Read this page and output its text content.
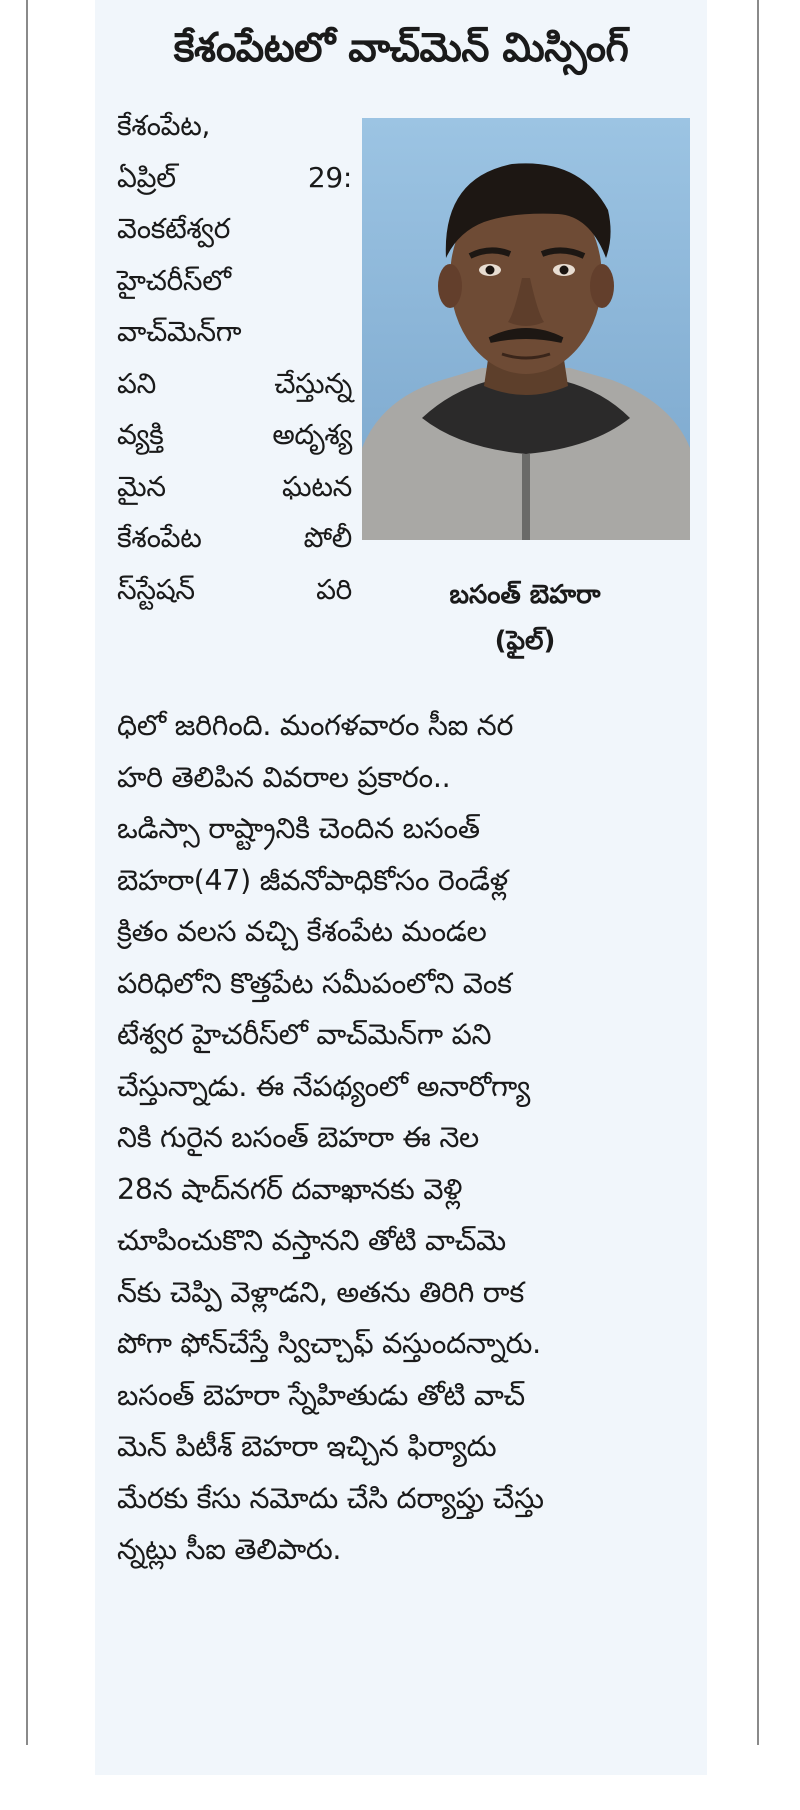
కేశంపేటలో వాచ్‌మెన్‌ మిస్సింగ్‌
కేశంపేట,
ఏప్రిల్‌	29:
వెంకటేశ్వర
హైచరీస్‌లో
వాచ్‌మెన్‌గా
పని	చేస్తున్న
వ్యక్తి	అదృశ్య
మైన	ఘటన
కేశంపేట	పోలీ
స్‌స్టేషన్‌	పరి	బసంత్‌ బెహరా
(ఫైల్‌)
ధిలో జరిగింది. మంగళవారం సీఐ నర
హరి తెలిపిన వివరాల ప్రకారం..
ఒడిస్సా రాష్ట్రానికి చెందిన బసంత్‌
బెహరా(47) జీవనోపాధికోసం రెండేళ్ల
క్రితం వలస వచ్చి కేశంపేట మండల
పరిధిలోని కొత్తపేట సమీపంలోని వెంక
టేశ్వర హైచరీస్‌లో వాచ్‌మెన్‌గా పని
చేస్తున్నాడు. ఈ నేపథ్యంలో అనారోగ్యా
నికి గురైన బసంత్‌ బెహరా ఈ నెల
28న షాద్‌నగర్‌ దవాఖానకు వెళ్లి
చూపించుకొని వస్తానని తోటి వాచ్‌మె
న్‌కు చెప్పి వెళ్లాడని, అతను తిరిగి రాక
పోగా ఫోన్‌చేస్తే స్విచ్చాఫ్‌ వస్తుందన్నారు.
బసంత్‌ బెహరా స్నేహితుడు తోటి వాచ్‌
మెన్‌ పిటీశ్‌ బెహరా ఇచ్చిన ఫిర్యాదు
మేరకు కేసు నమోదు చేసి దర్యాప్తు చేస్తు
న్నట్లు సీఐ తెలిపారు.
